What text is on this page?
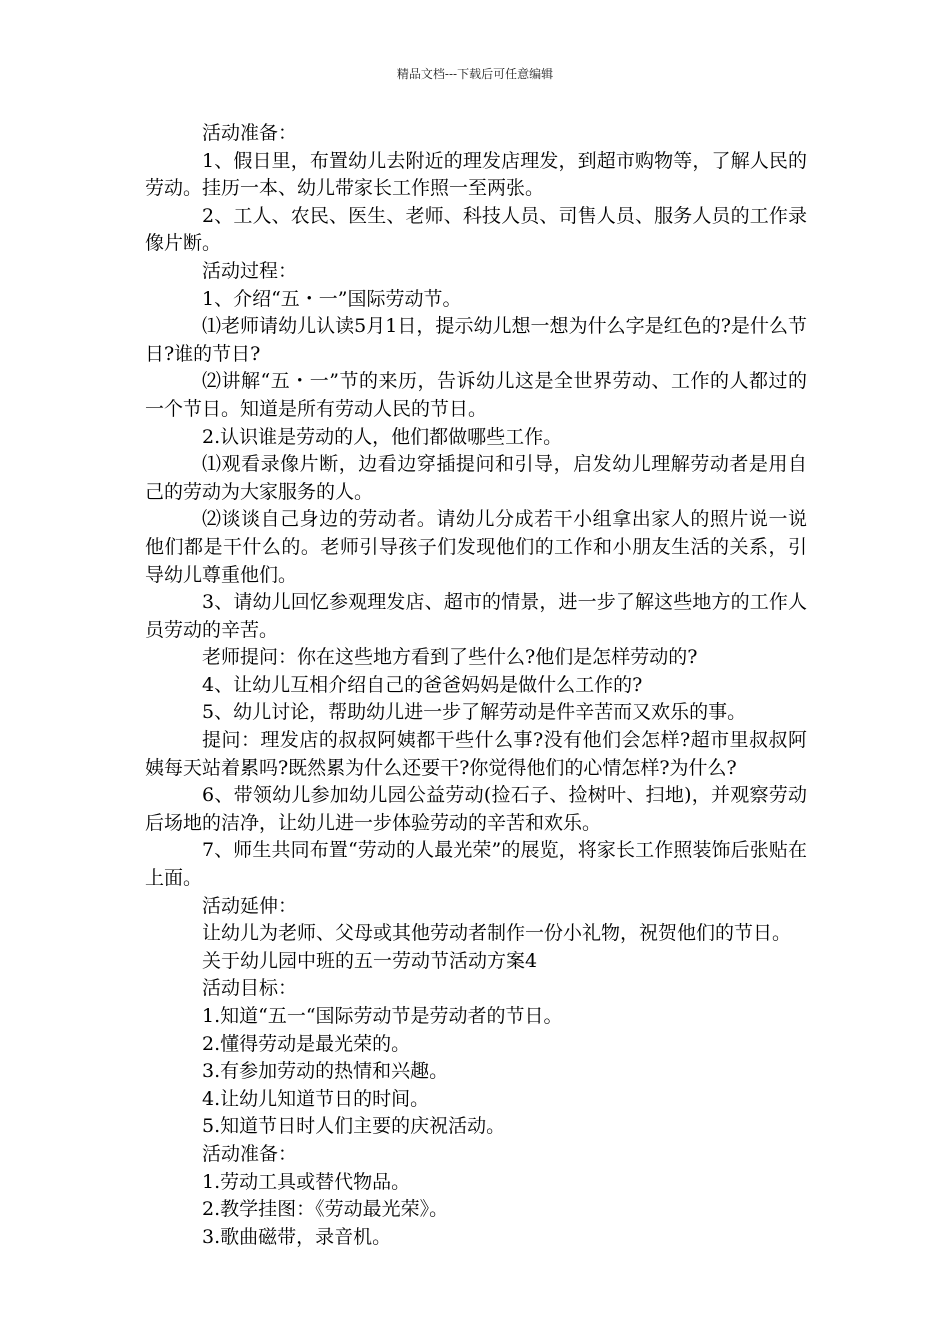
精品文档---下载后可任意编辑

活动准备：

1、假日里，布置幼儿去附近的理发店理发，到超市购物等，了解人民的劳动。挂历一本、幼儿带家长工作照一至两张。

2、工人、农民、医生、老师、科技人员、司售人员、服务人员的工作录像片断。

活动过程：

1、介绍“五・一”国际劳动节。

⑴老师请幼儿认读5月1日，提示幼儿想一想为什么字是红色的?是什么节日?谁的节日?

⑵讲解“五・一”节的来历，告诉幼儿这是全世界劳动、工作的人都过的一个节日。知道是所有劳动人民的节日。

2.认识谁是劳动的人，他们都做哪些工作。

⑴观看录像片断，边看边穿插提问和引导，启发幼儿理解劳动者是用自己的劳动为大家服务的人。

⑵谈谈自己身边的劳动者。请幼儿分成若干小组拿出家人的照片说一说他们都是干什么的。老师引导孩子们发现他们的工作和小朋友生活的关系，引导幼儿尊重他们。

3、请幼儿回忆参观理发店、超市的情景，进一步了解这些地方的工作人员劳动的辛苦。

老师提问：你在这些地方看到了些什么?他们是怎样劳动的?

4、让幼儿互相介绍自己的爸爸妈妈是做什么工作的?

5、幼儿讨论，帮助幼儿进一步了解劳动是件辛苦而又欢乐的事。

提问：理发店的叔叔阿姨都干些什么事?没有他们会怎样?超市里叔叔阿姨每天站着累吗?既然累为什么还要干?你觉得他们的心情怎样?为什么?

6、带领幼儿参加幼儿园公益劳动(捡石子、捡树叶、扫地)，并观察劳动后场地的洁净，让幼儿进一步体验劳动的辛苦和欢乐。

7、师生共同布置“劳动的人最光荣”的展览，将家长工作照装饰后张贴在上面。

活动延伸：

让幼儿为老师、父母或其他劳动者制作一份小礼物，祝贺他们的节日。

关于幼儿园中班的五一劳动节活动方案4

活动目标：

1.知道“五一“国际劳动节是劳动者的节日。

2.懂得劳动是最光荣的。

3.有参加劳动的热情和兴趣。

4.让幼儿知道节日的时间。

5.知道节日时人们主要的庆祝活动。

活动准备：

1.劳动工具或替代物品。

2.教学挂图：《劳动最光荣》。

3.歌曲磁带，录音机。
